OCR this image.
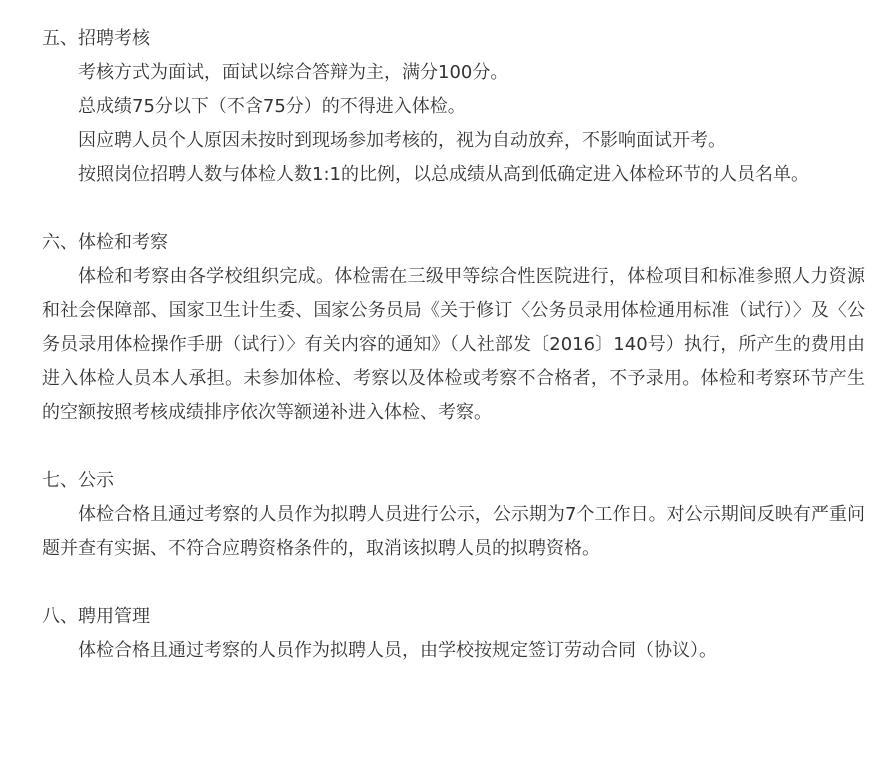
五、招聘考核

考核方式为面试，面试以综合答辩为主，满分100分。

总成绩75分以下（不含75分）的不得进入体检。

因应聘人员个人原因未按时到现场参加考核的，视为自动放弃，不影响面试开考。

按照岗位招聘人数与体检人数1:1的比例，以总成绩从高到低确定进入体检环节的人员名单。

六、体检和考察

体检和考察由各学校组织完成。体检需在三级甲等综合性医院进行，体检项目和标准参照人力资源和社会保障部、国家卫生计生委、国家公务员局《关于修订〈公务员录用体检通用标准（试行）〉及〈公务员录用体检操作手册（试行）〉有关内容的通知》（人社部发〔2016〕140号）执行，所产生的费用由进入体检人员本人承担。未参加体检、考察以及体检或考察不合格者，不予录用。体检和考察环节产生的空额按照考核成绩排序依次等额递补进入体检、考察。

七、公示

体检合格且通过考察的人员作为拟聘人员进行公示，公示期为7个工作日。对公示期间反映有严重问题并查有实据、不符合应聘资格条件的，取消该拟聘人员的拟聘资格。

八、聘用管理

体检合格且通过考察的人员作为拟聘人员，由学校按规定签订劳动合同（协议）。
